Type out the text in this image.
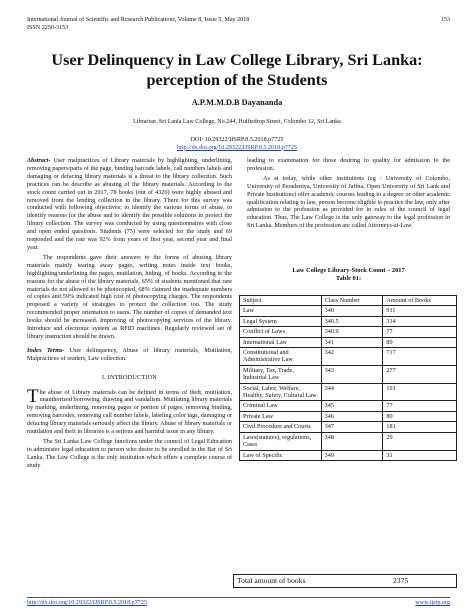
International Journal of Scientific and Research Publications, Volume 8, Issue 5, May 2018
ISSN 2250-3153
153
User Delinquency in Law College Library, Sri Lanka: perception of the Students
A.P.M.M.D.B Dayananda
Librarian. Sri Lanla Law College, No.244, Hulftsdrop Street, Colombo 12, Sri Lanka
DOI: 10.29322/IJSRP.8.5.2018.p7725
http://dx.doi.org/10.29322/IJSRP.8.5.2018.p7725

Abstract- User malpractices of Library materials by highlighting, underlining, removing papers/parts of the page, binding barcode labels, call numbers labels and damaging or defacing library materials is a threat to the library collection. Such practices can be describe as abusing of the library materials. According to the stock count carried out in 2017, 78 books (out of 4320) were highly abused and removed from the lending collection in the library. There for this survey was conducted with following objectives; to identify the various forms of abuse, to identify reasons for the abuse and to identify the possible solutions to protect the library collection. The survey was conducted by using questionnaires with close and open ended questions. Students (75) were selected for the study and 69 responded and the rate was 92% from years of first year, second year and final year.

The respondents gave their answers to the forms of abusing library materials mainly tearing away pages, writing notes inside text books, highlighting/underlining the pages, mutilation, hiding, of books. According to the reasons for the abuse of the library materials, 65% of students mentioned that rare materials do not allowed to be photocopied, 68% claimed the inadequate numbers of copies and 59% indicated high cost of photocopying charges. The respondents proposed a variety of strategies to protect the collection too. The study recommended proper orientation to users. The number of copies of demanded text books should be increased. Improving of photocopying services of the library. Introduce and electronic system as RFID machines. Regularly reviewed set of library instruction should be drawn.

Index Terms- User delinquency, Abuse of library materials, Mutilation, Malpractices of readers, Law collection.

I. INTRODUCTION

The abuse of Library materials can be defined in terms of theft, mutilation, unauthorized borrowing, drawing and vandalism. Mutilating library materials by marking, underlining, removing pages or portion of pages, removing binding, removing barcodes, removing call number labels, labeling color tags, damaging or defacing library materials seriously affect the library. Abuse of library materials or mutilation and theft in libraries is a serious and harmful issue in any library.

The Sri Lanka Law College functions under the council of Legal Education to administer legal education to person who desire to be enrolled in the Bar of Sri Lanka. The Law College is the only institution which offers a complete course of study

leading to examination for those desiring to quality for admission to the profession.

As at today, while other institutions (eg : University of Colombo, University of Peradeniya, University of Jaffna, Open University of Sri Lank and Private Institutions) offer academic courses leading to a degree or other academic qualification relating to law, person become eligible to practice the law, only after admission to the profession as provided for in rules of the council of legal education. Thus, The Law College is the only gateway to the legal profession in Sri Lanka. Members of the profession are called Attorneys-at-Law.

Law College Library-Stock Count – 2017
Table 01:
Subject	Class Number	Amount of Books
Law	340	911
Legal System	340.5	314
Conflict of Laws	340.9	77
International Law	341	89
Constitutional and Administrative Law	342	717
Military, Tax, Trade, Industrial Law	343	277
Social, Labor, Welfare, Healthy, Safety, Cultural Law	344	191
Criminal Law	345	77
Private Law	346	80
Civil Procedure and Courts	347	181
Laws(statutes), regulations, Cases	348	29
Law of Specific	349	31
Total amount of books	2375
http://dx.doi.org/10.29322/IJSRP.8.5.2018.p7725	www.ijsrp.org
